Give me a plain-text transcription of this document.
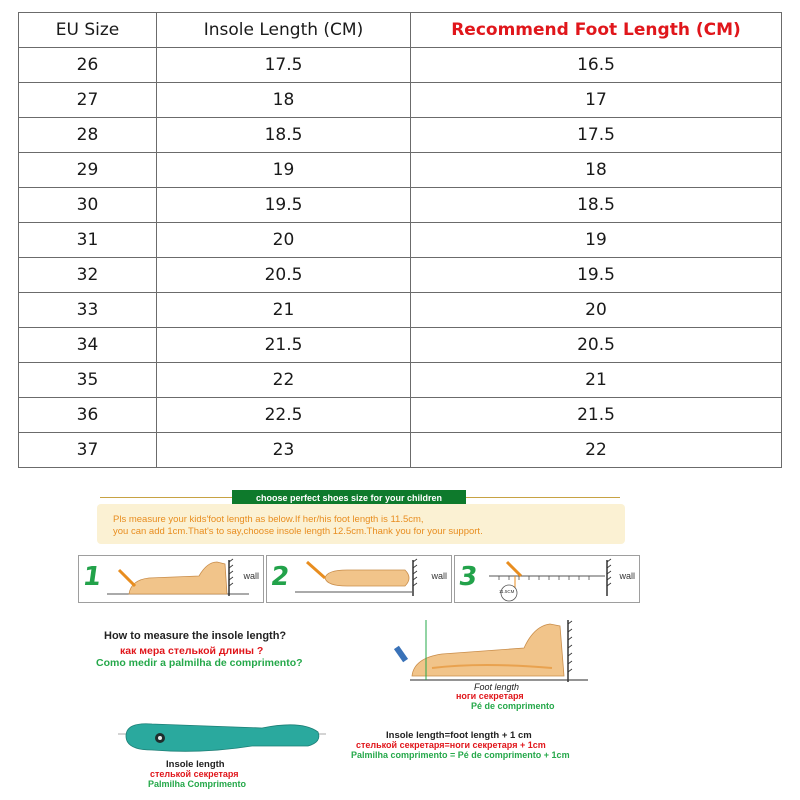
EU Size	Insole Length (CM)	Recommend Foot Length (CM)
26	17.5	16.5
27	18	17
28	18.5	17.5
29	19	18
30	19.5	18.5
31	20	19
32	20.5	19.5
33	21	20
34	21.5	20.5
35	22	21
36	22.5	21.5
37	23	22
choose perfect shoes size for your children
Pls measure your kids'foot length as below.If her/his foot length is 11.5cm,
you can add 1cm.That's to say,choose insole length 12.5cm.Thank you for your support.
1	wall 2	wall 3	wall
11.5CM
How to measure the insole length?
как мера стелькой длины ?
Como medir a palmilha de comprimento?
Foot length
ноги секретаря
Pé de comprimento
Insole length
стелькой секретаря
Palmilha Comprimento
Insole length=foot length + 1 cm
стелькой секретаря=ноги секретаря + 1cm
Palmilha comprimento = Pé de comprimento + 1cm
